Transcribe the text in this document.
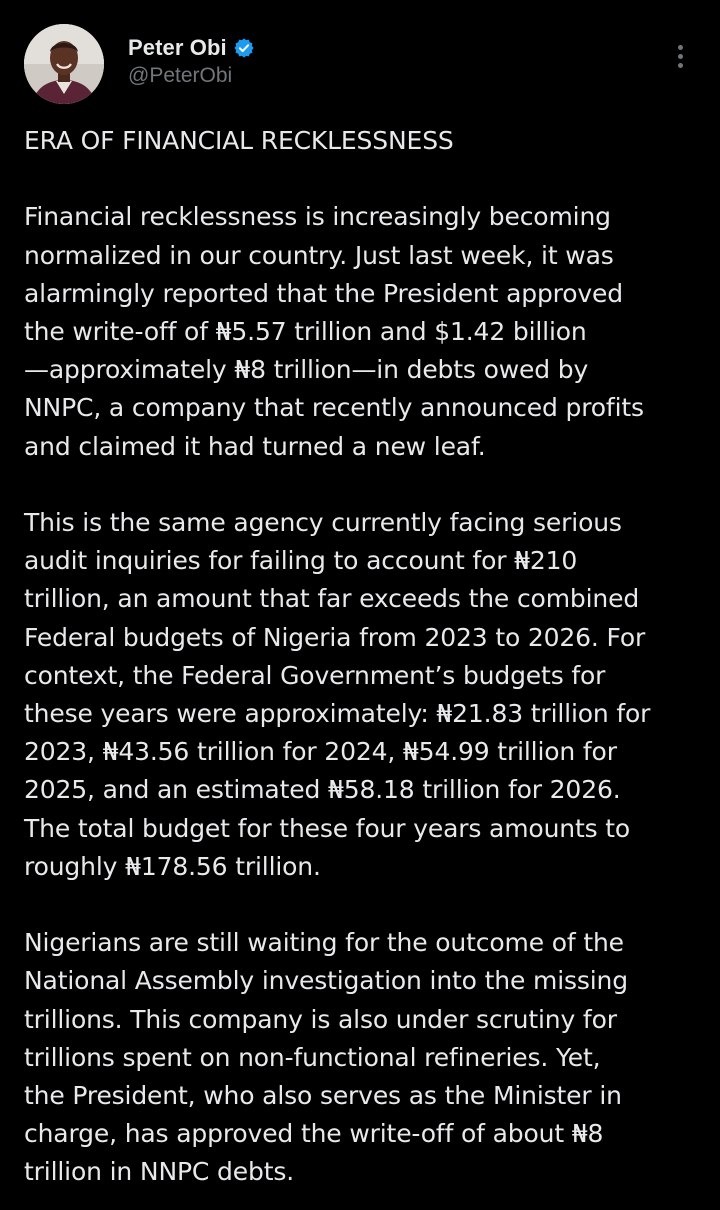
Peter Obi
@PeterObi

ERA OF FINANCIAL RECKLESSNESS

Financial recklessness is increasingly becoming
normalized in our country. Just last week, it was
alarmingly reported that the President approved
the write-off of ₦5.57 trillion and $1.42 billion
—approximately ₦8 trillion—in debts owed by
NNPC, a company that recently announced profits
and claimed it had turned a new leaf.

This is the same agency currently facing serious
audit inquiries for failing to account for ₦210
trillion, an amount that far exceeds the combined
Federal budgets of Nigeria from 2023 to 2026. For
context, the Federal Government’s budgets for
these years were approximately: ₦21.83 trillion for
2023, ₦43.56 trillion for 2024, ₦54.99 trillion for
2025, and an estimated ₦58.18 trillion for 2026.
The total budget for these four years amounts to
roughly ₦178.56 trillion.

Nigerians are still waiting for the outcome of the
National Assembly investigation into the missing
trillions. This company is also under scrutiny for
trillions spent on non-functional refineries. Yet,
the President, who also serves as the Minister in
charge, has approved the write-off of about ₦8
trillion in NNPC debts.
